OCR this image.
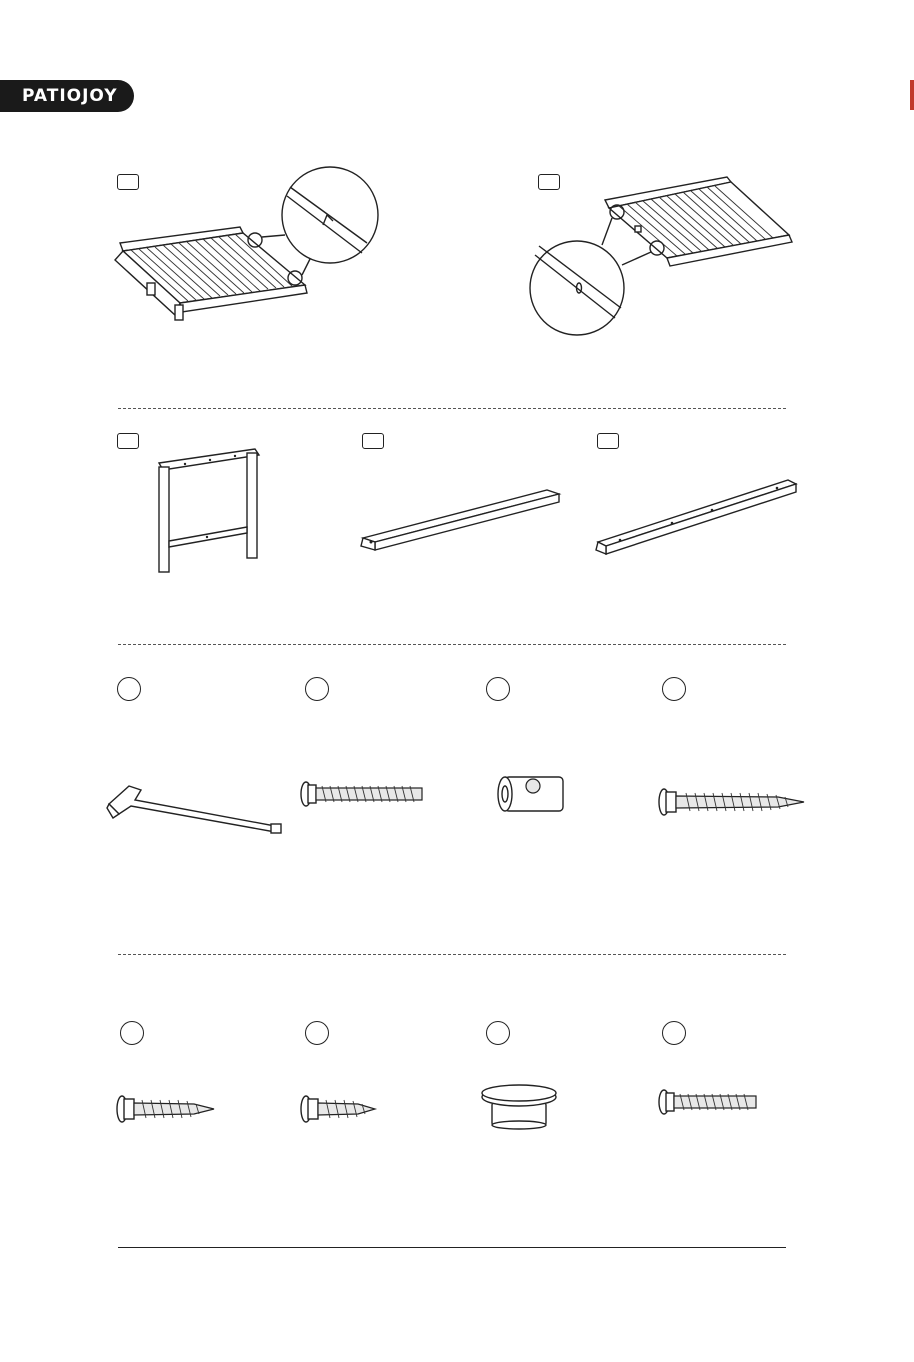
PATIOJOY
